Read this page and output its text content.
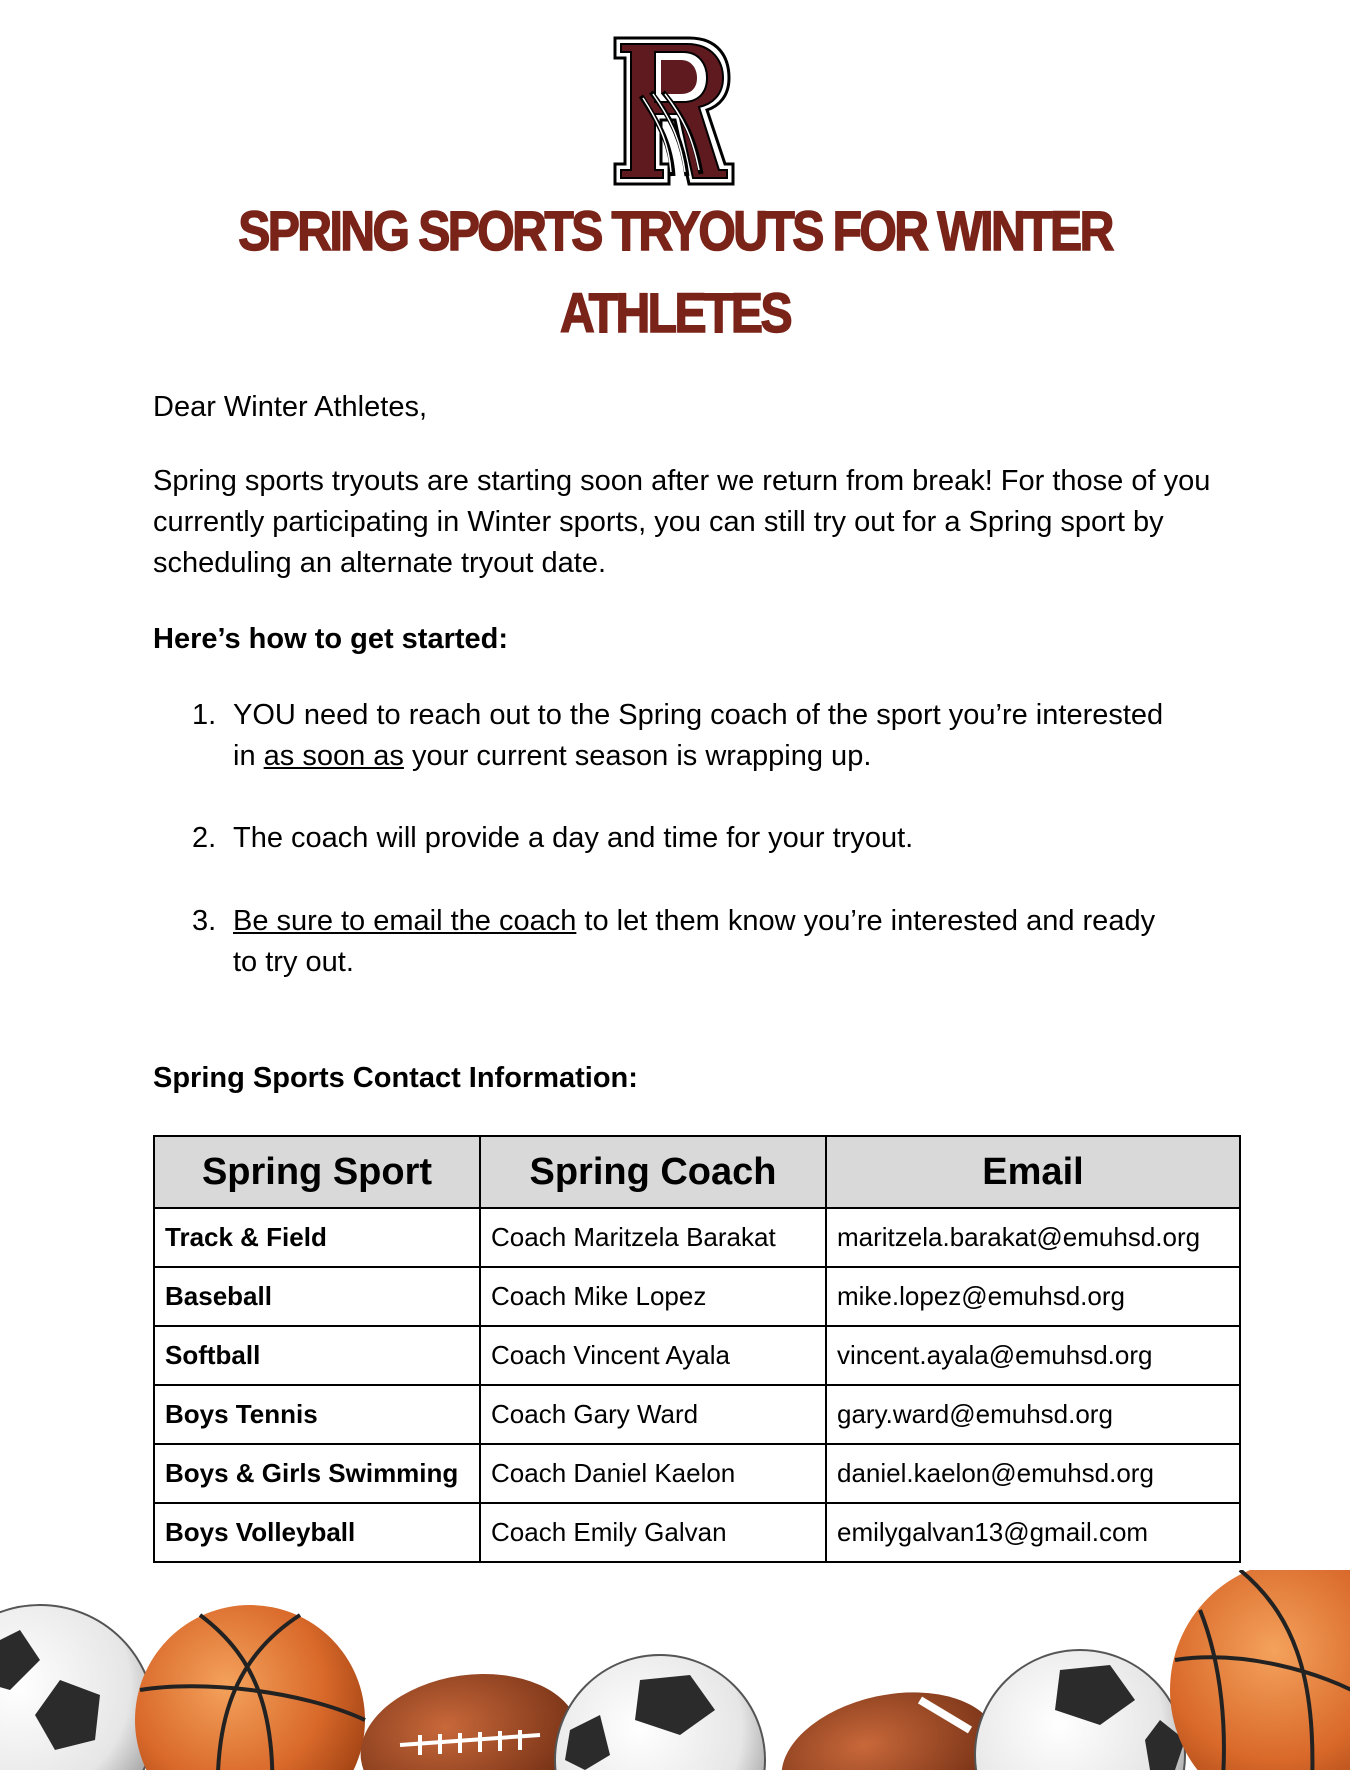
SPRING SPORTS TRYOUTS FOR WINTER
ATHLETES
Dear Winter Athletes,
Spring sports tryouts are starting soon after we return from break! For those of you currently participating in Winter sports, you can still try out for a Spring sport by scheduling an alternate tryout date.
Here’s how to get started:
1. YOU need to reach out to the Spring coach of the sport you’re interested in as soon as your current season is wrapping up.
2. The coach will provide a day and time for your tryout.
3. Be sure to email the coach to let them know you’re interested and ready to try out.
Spring Sports Contact Information:
Spring Sport	Spring Coach	Email
Track & Field	Coach Maritzela Barakat	maritzela.barakat@emuhsd.org
Baseball	Coach Mike Lopez	mike.lopez@emuhsd.org
Softball	Coach Vincent Ayala	vincent.ayala@emuhsd.org
Boys Tennis	Coach Gary Ward	gary.ward@emuhsd.org
Boys & Girls Swimming	Coach Daniel Kaelon	daniel.kaelon@emuhsd.org
Boys Volleyball	Coach Emily Galvan	emilygalvan13@gmail.com
